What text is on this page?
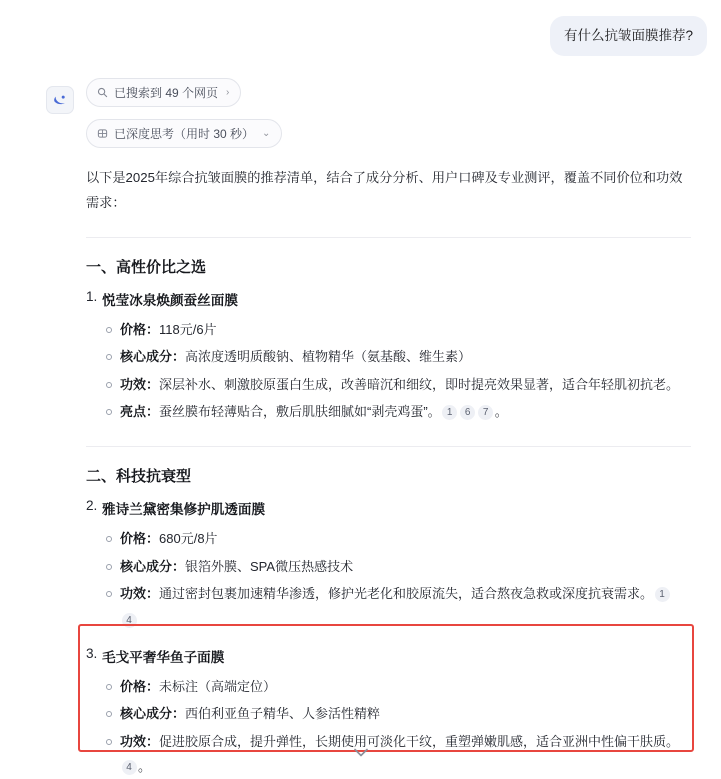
有什么抗皱面膜推荐?
已搜索到 49 个网页 ›
已深度思考（用时 30 秒） ⌄

以下是2025年综合抗皱面膜的推荐清单，结合了成分分析、用户口碑及专业测评，覆盖不同价位和功效需求：

一、高性价比之选
1. 悦莹冰泉焕颜蚕丝面膜
价格：118元/6片
核心成分：高浓度透明质酸钠、植物精华（氨基酸、维生素）
功效：深层补水、刺激胶原蛋白生成，改善暗沉和细纹，即时提亮效果显著，适合年轻肌初抗老。
亮点：蚕丝膜布轻薄贴合，敷后肌肤细腻如“剥壳鸡蛋”。 1 6 7 。
二、科技抗衰型
2. 雅诗兰黛密集修护肌透面膜
价格：680元/8片
核心成分：银箔外膜、SPA微压热感技术
功效：通过密封包裹加速精华渗透，修护光老化和胶原流失，适合熬夜急救或深度抗衰需求。 14
3. 毛戈平奢华鱼子面膜
价格：未标注（高端定位）
核心成分：西伯利亚鱼子精华、人参活性精粹
功效：促进胶原合成，提升弹性，长期使用可淡化干纹，重塑弹嫩肌感，适合亚洲中性偏干肤质。4 。
